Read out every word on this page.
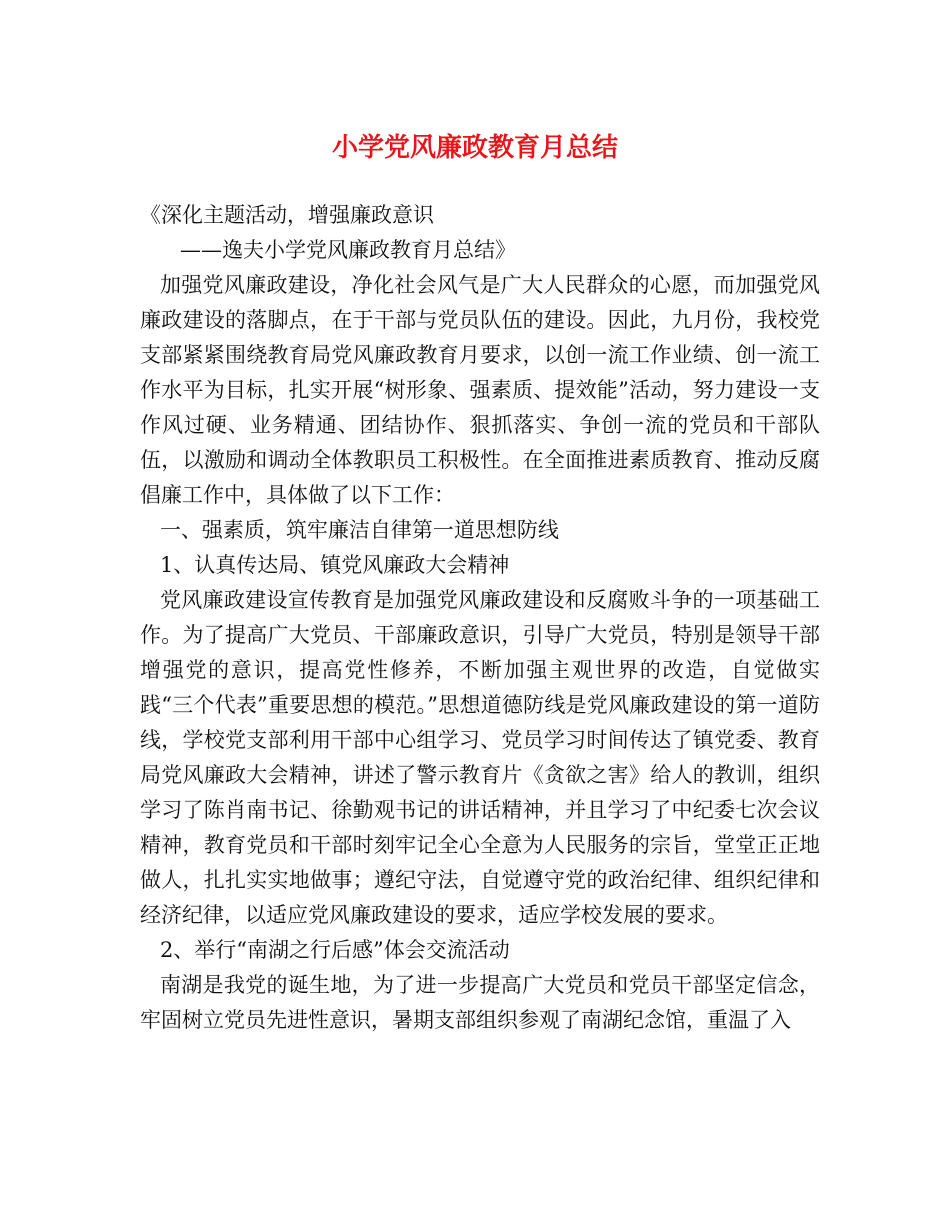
小学党风廉政教育月总结

《深化主题活动，增强廉政意识

——逸夫小学党风廉政教育月总结》

加强党风廉政建设，净化社会风气是广大人民群众的心愿，而加强党风廉政建设的落脚点，在于干部与党员队伍的建设。因此，九月份，我校党支部紧紧围绕教育局党风廉政教育月要求，以创一流工作业绩、创一流工作水平为目标，扎实开展“树形象、强素质、提效能”活动，努力建设一支作风过硬、业务精通、团结协作、狠抓落实、争创一流的党员和干部队伍，以激励和调动全体教职员工积极性。在全面推进素质教育、推动反腐倡廉工作中，具体做了以下工作：

一、强素质，筑牢廉洁自律第一道思想防线

1、认真传达局、镇党风廉政大会精神

党风廉政建设宣传教育是加强党风廉政建设和反腐败斗争的一项基础工作。为了提高广大党员、干部廉政意识，引导广大党员，特别是领导干部增强党的意识，提高党性修养，不断加强主观世界的改造，自觉做实践“三个代表”重要思想的模范。”思想道德防线是党风廉政建设的第一道防线，学校党支部利用干部中心组学习、党员学习时间传达了镇党委、教育局党风廉政大会精神，讲述了警示教育片《贪欲之害》给人的教训，组织学习了陈肖南书记、徐勤观书记的讲话精神，并且学习了中纪委七次会议精神，教育党员和干部时刻牢记全心全意为人民服务的宗旨，堂堂正正地做人，扎扎实实地做事；遵纪守法，自觉遵守党的政治纪律、组织纪律和经济纪律，以适应党风廉政建设的要求，适应学校发展的要求。

2、举行“南湖之行后感”体会交流活动

南湖是我党的诞生地，为了进一步提高广大党员和党员干部坚定信念，牢固树立党员先进性意识，暑期支部组织参观了南湖纪念馆，重温了入
